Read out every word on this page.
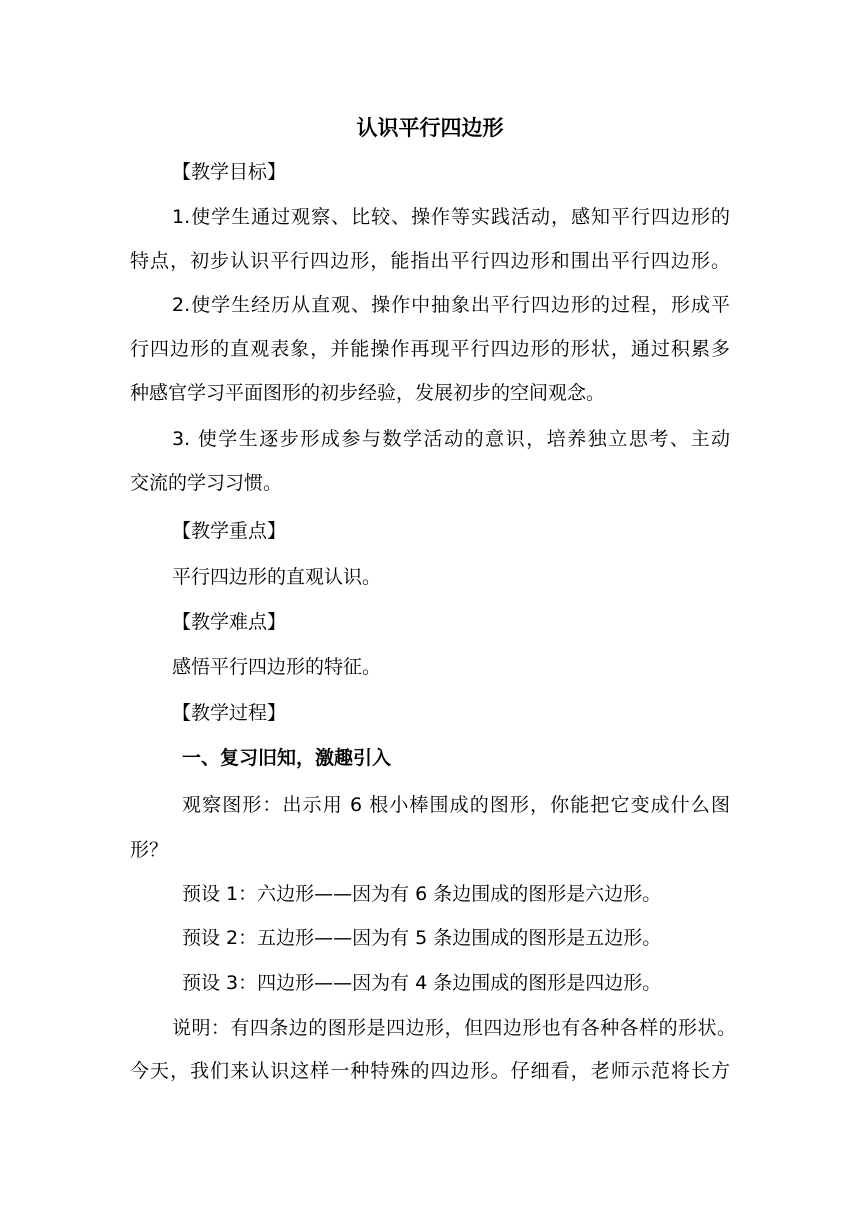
认识平行四边形
【教学目标】
1.使学生通过观察、比较、操作等实践活动，感知平行四边形的
特点，初步认识平行四边形，能指出平行四边形和围出平行四边形。
2.使学生经历从直观、操作中抽象出平行四边形的过程，形成平
行四边形的直观表象，并能操作再现平行四边形的形状，通过积累多
种感官学习平面图形的初步经验，发展初步的空间观念。
3. 使学生逐步形成参与数学活动的意识，培养独立思考、主动
交流的学习习惯。
【教学重点】
平行四边形的直观认识。
【教学难点】
感悟平行四边形的特征。
【教学过程】
一、复习旧知，激趣引入
观察图形：出示用 6 根小棒围成的图形，你能把它变成什么图
形？
预设 1：六边形——因为有 6 条边围成的图形是六边形。
预设 2：五边形——因为有 5 条边围成的图形是五边形。
预设 3：四边形——因为有 4 条边围成的图形是四边形。
说明：有四条边的图形是四边形，但四边形也有各种各样的形状。
今天，我们来认识这样一种特殊的四边形。仔细看，老师示范将长方
